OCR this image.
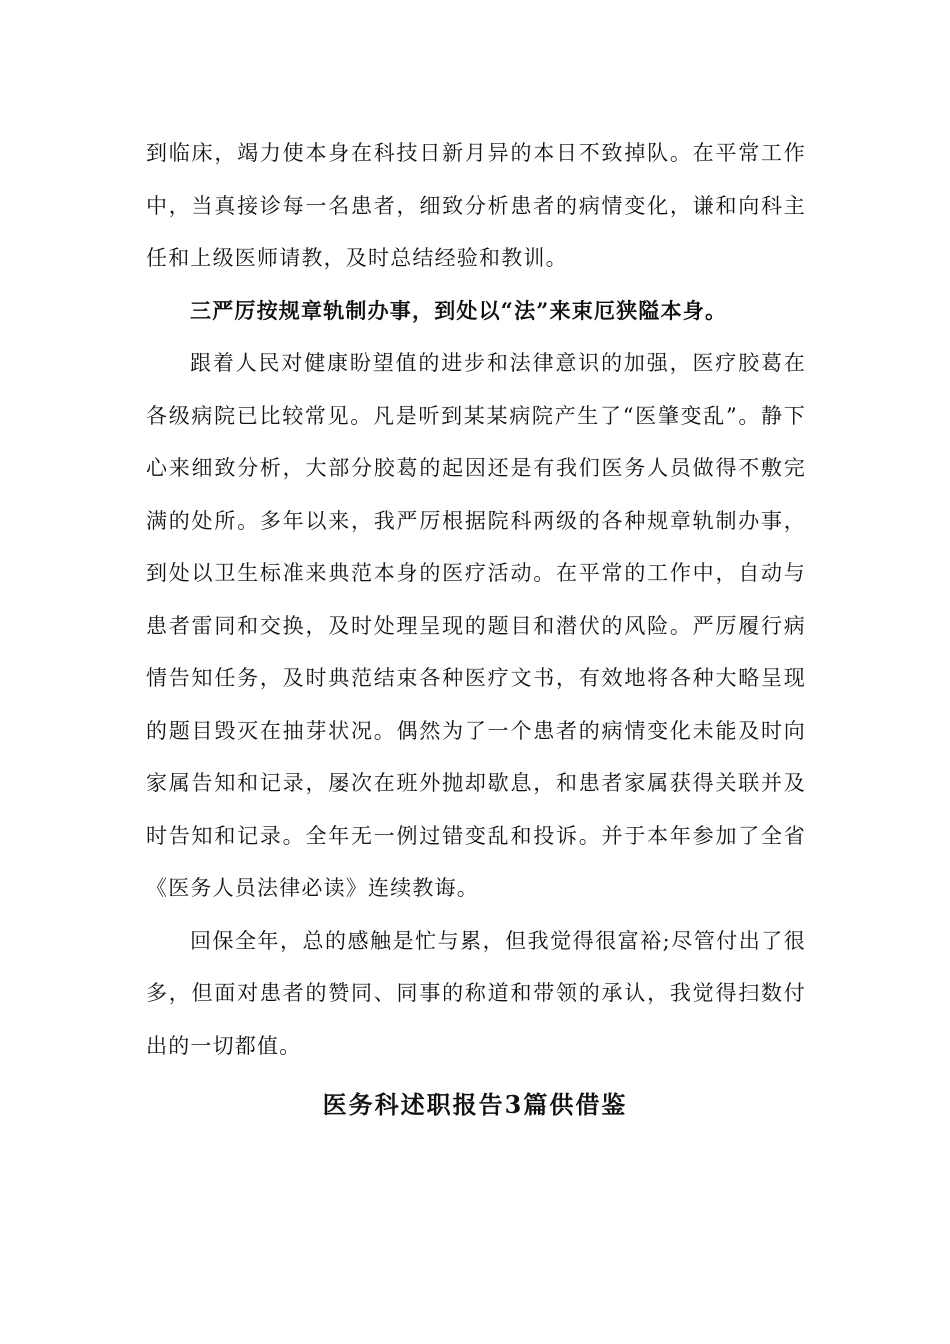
到临床，竭力使本身在科技日新月异的本日不致掉队。在平常工作中，当真接诊每一名患者，细致分析患者的病情变化，谦和向科主任和上级医师请教，及时总结经验和教训。

三严厉按规章轨制办事，到处以“法”来束厄狭隘本身。

跟着人民对健康盼望值的进步和法律意识的加强，医疗胶葛在各级病院已比较常见。凡是听到某某病院产生了“医肇变乱”。静下心来细致分析，大部分胶葛的起因还是有我们医务人员做得不敷完满的处所。多年以来，我严厉根据院科两级的各种规章轨制办事，到处以卫生标准来典范本身的医疗活动。在平常的工作中，自动与患者雷同和交换，及时处理呈现的题目和潜伏的风险。严厉履行病情告知任务，及时典范结束各种医疗文书，有效地将各种大略呈现的题目毁灭在抽芽状况。偶然为了一个患者的病情变化未能及时向家属告知和记录，屡次在班外抛却歇息，和患者家属获得关联并及时告知和记录。全年无一例过错变乱和投诉。并于本年参加了全省《医务人员法律必读》连续教诲。

回保全年，总的感触是忙与累，但我觉得很富裕;尽管付出了很多，但面对患者的赞同、同事的称道和带领的承认，我觉得扫数付出的一切都值。

医务科述职报告3篇供借鉴
